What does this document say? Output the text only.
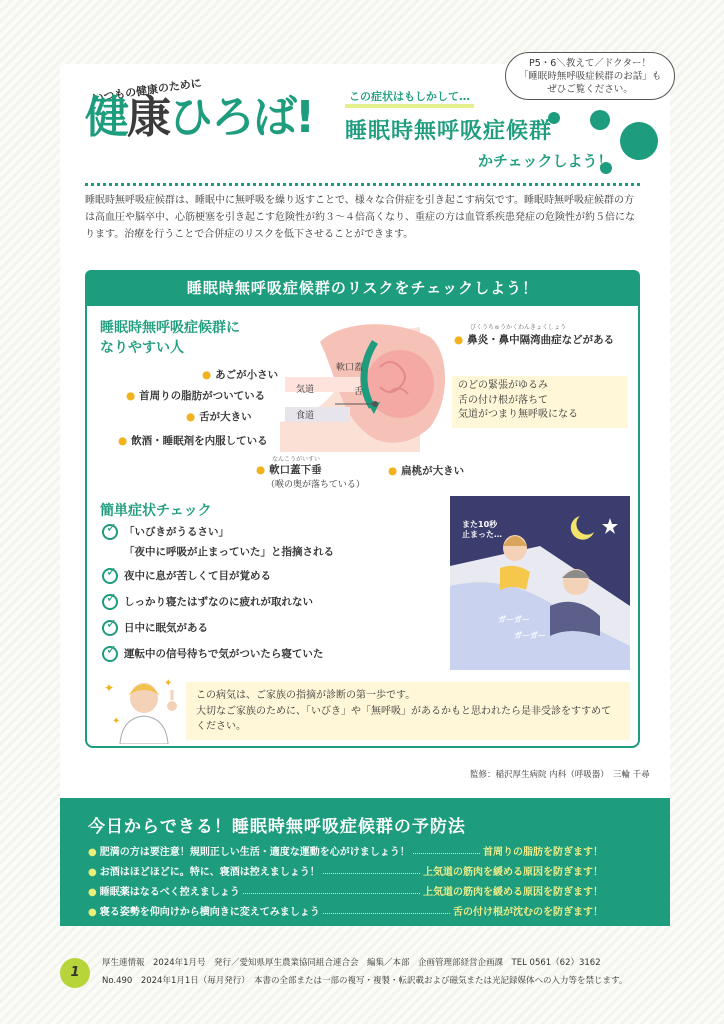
いつもの健康のために
健康ひろば!
P5・6＼教えて／ドクター！
「睡眠時無呼吸症候群のお話」も
ぜひご覧ください。
この症状はもしかして…
睡眠時無呼吸症候群
かチェックしよう！
睡眠時無呼吸症候群は、睡眠中に無呼吸を繰り返すことで、様々な合併症を引き起こす病気です。睡眠時無呼吸症候群の方は高血圧や脳卒中、心筋梗塞を引き起こす危険性が約３～４倍高くなり、重症の方は血管系疾患発症の危険性が約５倍になります。治療を行うことで合併症のリスクを低下させることができます。
睡眠時無呼吸症候群のリスクをチェックしよう！
睡眠時無呼吸症候群に
なりやすい人
軟口蓋
気道	舌
食道
● あごが小さい
● 首周りの脂肪がついている
● 舌が大きい
● 飲酒・睡眠剤を内服している
びくうちゅうかくわんきょくしょう
● 鼻炎・鼻中隔湾曲症などがある
のどの緊張がゆるみ
舌の付け根が落ちて
気道がつまり無呼吸になる
なんこうがいすい
● 軟口蓋下垂
（喉の奥が落ちている）
● 扁桃が大きい
簡単症状チェック
✓「いびきがうるさい」
「夜中に呼吸が止まっていた」と指摘される
✓夜中に息が苦しくて目が覚める
✓しっかり寝たはずなのに疲れが取れない
✓日中に眠気がある
✓運転中の信号待ちで気がついたら寝ていた
また10秒
止まった…
ガーガー
ガーガー
✦
✦
✦
この病気は、ご家族の指摘が診断の第一歩です。
大切なご家族のために、「いびき」や「無呼吸」があるかもと思われたら是非受診をすすめて
ください。
監修：稲沢厚生病院 内科（呼吸器）　三輪 千尋
今日からできる！睡眠時無呼吸症候群の予防法
● 肥満の方は要注意！規則正しい生活・適度な運動を心がけましょう！	首周りの脂肪を防ぎます！
● お酒はほどほどに。特に、寝酒は控えましょう！	上気道の筋肉を緩める原因を防ぎます！
● 睡眠薬はなるべく控えましょう	上気道の筋肉を緩める原因を防ぎます！
● 寝る姿勢を仰向けから横向きに変えてみましょう	舌の付け根が沈むのを防ぎます！
1
厚生連情報　2024年1月号　発行／愛知県厚生農業協同組合連合会　編集／本部　企画管理部経営企画課　TEL 0561（62）3162
No.490　2024年1月1日（毎月発行）　本書の全部または一部の複写・複製・転訳載および磁気または光記録媒体への入力等を禁じます。
